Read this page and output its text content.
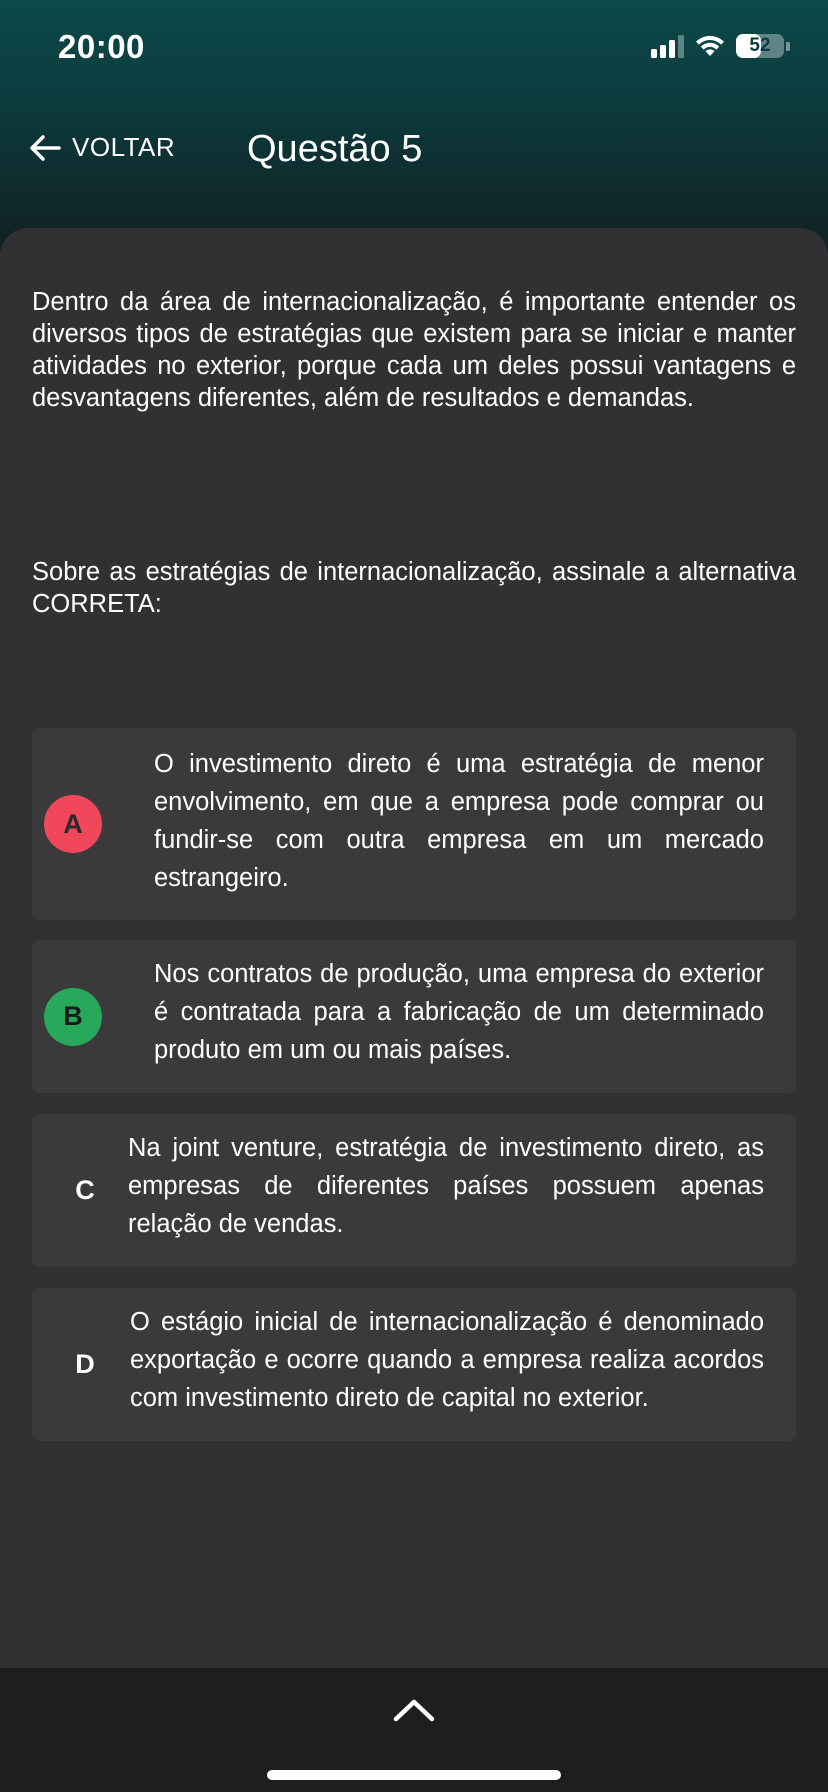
20:00	52
VOLTAR Questão 5
Dentro da área de internacionalização, é importante entender os diversos tipos de estratégias que existem para se iniciar e manter atividades no exterior, porque cada um deles possui vantagens e desvantagens diferentes, além de resultados e demandas.
Sobre as estratégias de internacionalização, assinale a alternativa CORRETA:
A
O investimento direto é uma estratégia de menor envolvimento, em que a empresa pode comprar ou fundir-se com outra empresa em um mercado estrangeiro.
B
Nos contratos de produção, uma empresa do exterior é contratada para a fabricação de um determinado produto em um ou mais países.
C
Na joint venture, estratégia de investimento direto, as empresas de diferentes países possuem apenas relação de vendas.
D
O estágio inicial de internacionalização é denominado exportação e ocorre quando a empresa realiza acordos com investimento direto de capital no exterior.
